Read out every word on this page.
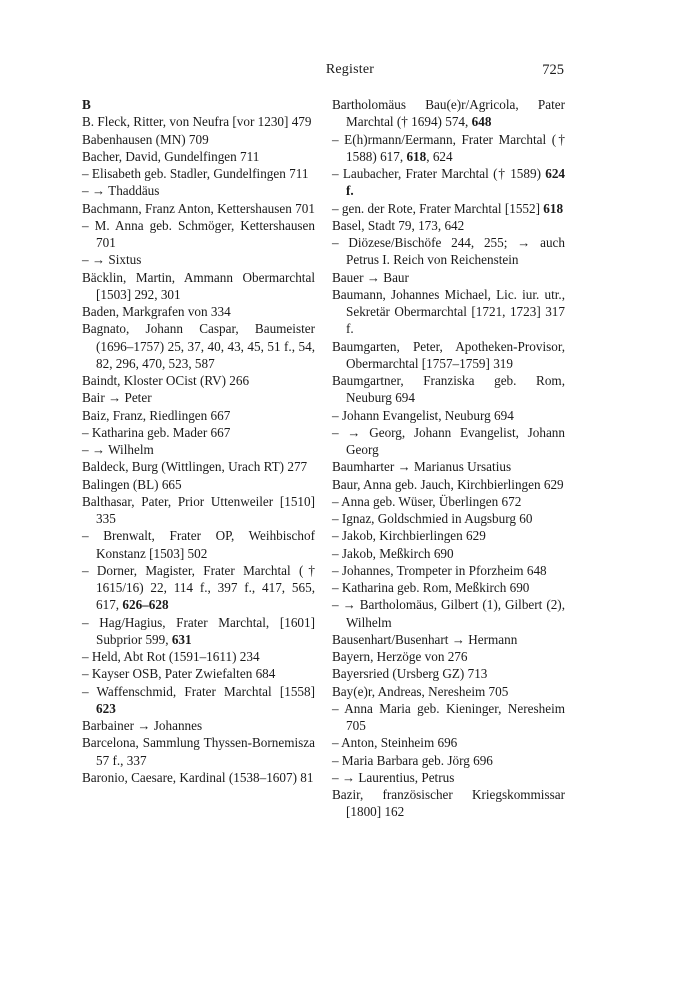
Register	725
B
B. Fleck, Ritter, von Neufra [vor 1230] 479
Babenhausen (MN) 709
Bacher, David, Gundelfingen 711
– Elisabeth geb. Stadler, Gundelfingen 711
– → Thaddäus
Bachmann, Franz Anton, Kettershausen 701
– M. Anna geb. Schmöger, Kettershausen 701
– → Sixtus
Bäcklin, Martin, Ammann Obermarchtal [1503] 292, 301
Baden, Markgrafen von 334
Bagnato, Johann Caspar, Baumeister (1696–1757) 25, 37, 40, 43, 45, 51 f., 54, 82, 296, 470, 523, 587
Baindt, Kloster OCist (RV) 266
Bair → Peter
Baiz, Franz, Riedlingen 667
– Katharina geb. Mader 667
– → Wilhelm
Baldeck, Burg (Wittlingen, Urach RT) 277
Balingen (BL) 665
Balthasar, Pater, Prior Uttenweiler [1510] 335
– Brenwalt, Frater OP, Weihbischof Konstanz [1503] 502
– Dorner, Magister, Frater Marchtal († 1615/16) 22, 114 f., 397 f., 417, 565, 617, 626–628
– Hag/Hagius, Frater Marchtal, [1601] Subprior 599, 631
– Held, Abt Rot (1591–1611) 234
– Kayser OSB, Pater Zwiefalten 684
– Waffenschmid, Frater Marchtal [1558] 623
Barbainer → Johannes
Barcelona, Sammlung Thyssen-Bornemisza 57 f., 337
Baronio, Caesare, Kardinal (1538–1607) 81
Bartholomäus Bau(e)r/Agricola, Pater Marchtal († 1694) 574, 648
– E(h)rmann/Eermann, Frater Marchtal († 1588) 617, 618, 624
– Laubacher, Frater Marchtal († 1589) 624 f.
– gen. der Rote, Frater Marchtal [1552] 618
Basel, Stadt 79, 173, 642
– Diözese/Bischöfe 244, 255; → auch Petrus I. Reich von Reichenstein
Bauer → Baur
Baumann, Johannes Michael, Lic. iur. utr., Sekretär Obermarchtal [1721, 1723] 317 f.
Baumgarten, Peter, Apotheken-Provisor, Obermarchtal [1757–1759] 319
Baumgartner, Franziska geb. Rom, Neuburg 694
– Johann Evangelist, Neuburg 694
– → Georg, Johann Evangelist, Johann Georg
Baumharter → Marianus Ursatius
Baur, Anna geb. Jauch, Kirchbierlingen 629
– Anna geb. Wüser, Überlingen 672
– Ignaz, Goldschmied in Augsburg 60
– Jakob, Kirchbierlingen 629
– Jakob, Meßkirch 690
– Johannes, Trompeter in Pforzheim 648
– Katharina geb. Rom, Meßkirch 690
– → Bartholomäus, Gilbert (1), Gilbert (2), Wilhelm
Bausenhart/Busenhart → Hermann
Bayern, Herzöge von 276
Bayersried (Ursberg GZ) 713
Bay(e)r, Andreas, Neresheim 705
– Anna Maria geb. Kieninger, Neresheim 705
– Anton, Steinheim 696
– Maria Barbara geb. Jörg 696
– → Laurentius, Petrus
Bazir, französischer Kriegskommissar [1800] 162
